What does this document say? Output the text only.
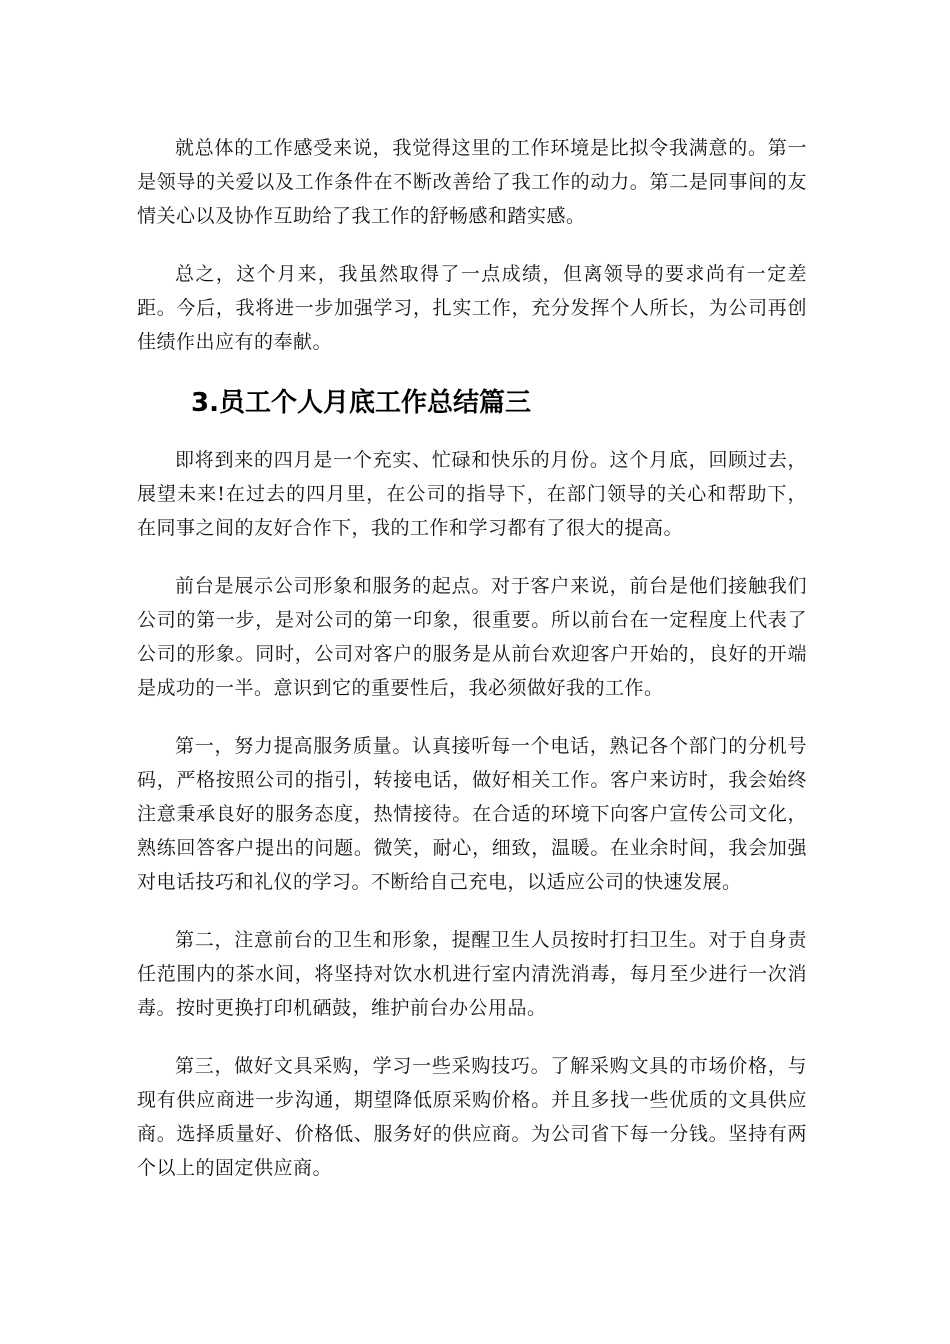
就总体的工作感受来说，我觉得这里的工作环境是比拟令我满意的。第一是领导的关爱以及工作条件在不断改善给了我工作的动力。第二是同事间的友情关心以及协作互助给了我工作的舒畅感和踏实感。

总之，这个月来，我虽然取得了一点成绩，但离领导的要求尚有一定差距。今后，我将进一步加强学习，扎实工作，充分发挥个人所长，为公司再创佳绩作出应有的奉献。

3.员工个人月底工作总结篇三

即将到来的四月是一个充实、忙碌和快乐的月份。这个月底，回顾过去，展望未来!在过去的四月里，在公司的指导下，在部门领导的关心和帮助下，在同事之间的友好合作下，我的工作和学习都有了很大的提高。

前台是展示公司形象和服务的起点。对于客户来说，前台是他们接触我们公司的第一步，是对公司的第一印象，很重要。所以前台在一定程度上代表了公司的形象。同时，公司对客户的服务是从前台欢迎客户开始的，良好的开端是成功的一半。意识到它的重要性后，我必须做好我的工作。

第一，努力提高服务质量。认真接听每一个电话，熟记各个部门的分机号码，严格按照公司的指引，转接电话，做好相关工作。客户来访时，我会始终注意秉承良好的服务态度，热情接待。在合适的环境下向客户宣传公司文化，熟练回答客户提出的问题。微笑，耐心，细致，温暖。在业余时间，我会加强对电话技巧和礼仪的学习。不断给自己充电，以适应公司的快速发展。

第二，注意前台的卫生和形象，提醒卫生人员按时打扫卫生。对于自身责任范围内的茶水间，将坚持对饮水机进行室内清洗消毒，每月至少进行一次消毒。按时更换打印机硒鼓，维护前台办公用品。

第三，做好文具采购，学习一些采购技巧。了解采购文具的市场价格，与现有供应商进一步沟通，期望降低原采购价格。并且多找一些优质的文具供应商。选择质量好、价格低、服务好的供应商。为公司省下每一分钱。坚持有两个以上的固定供应商。
